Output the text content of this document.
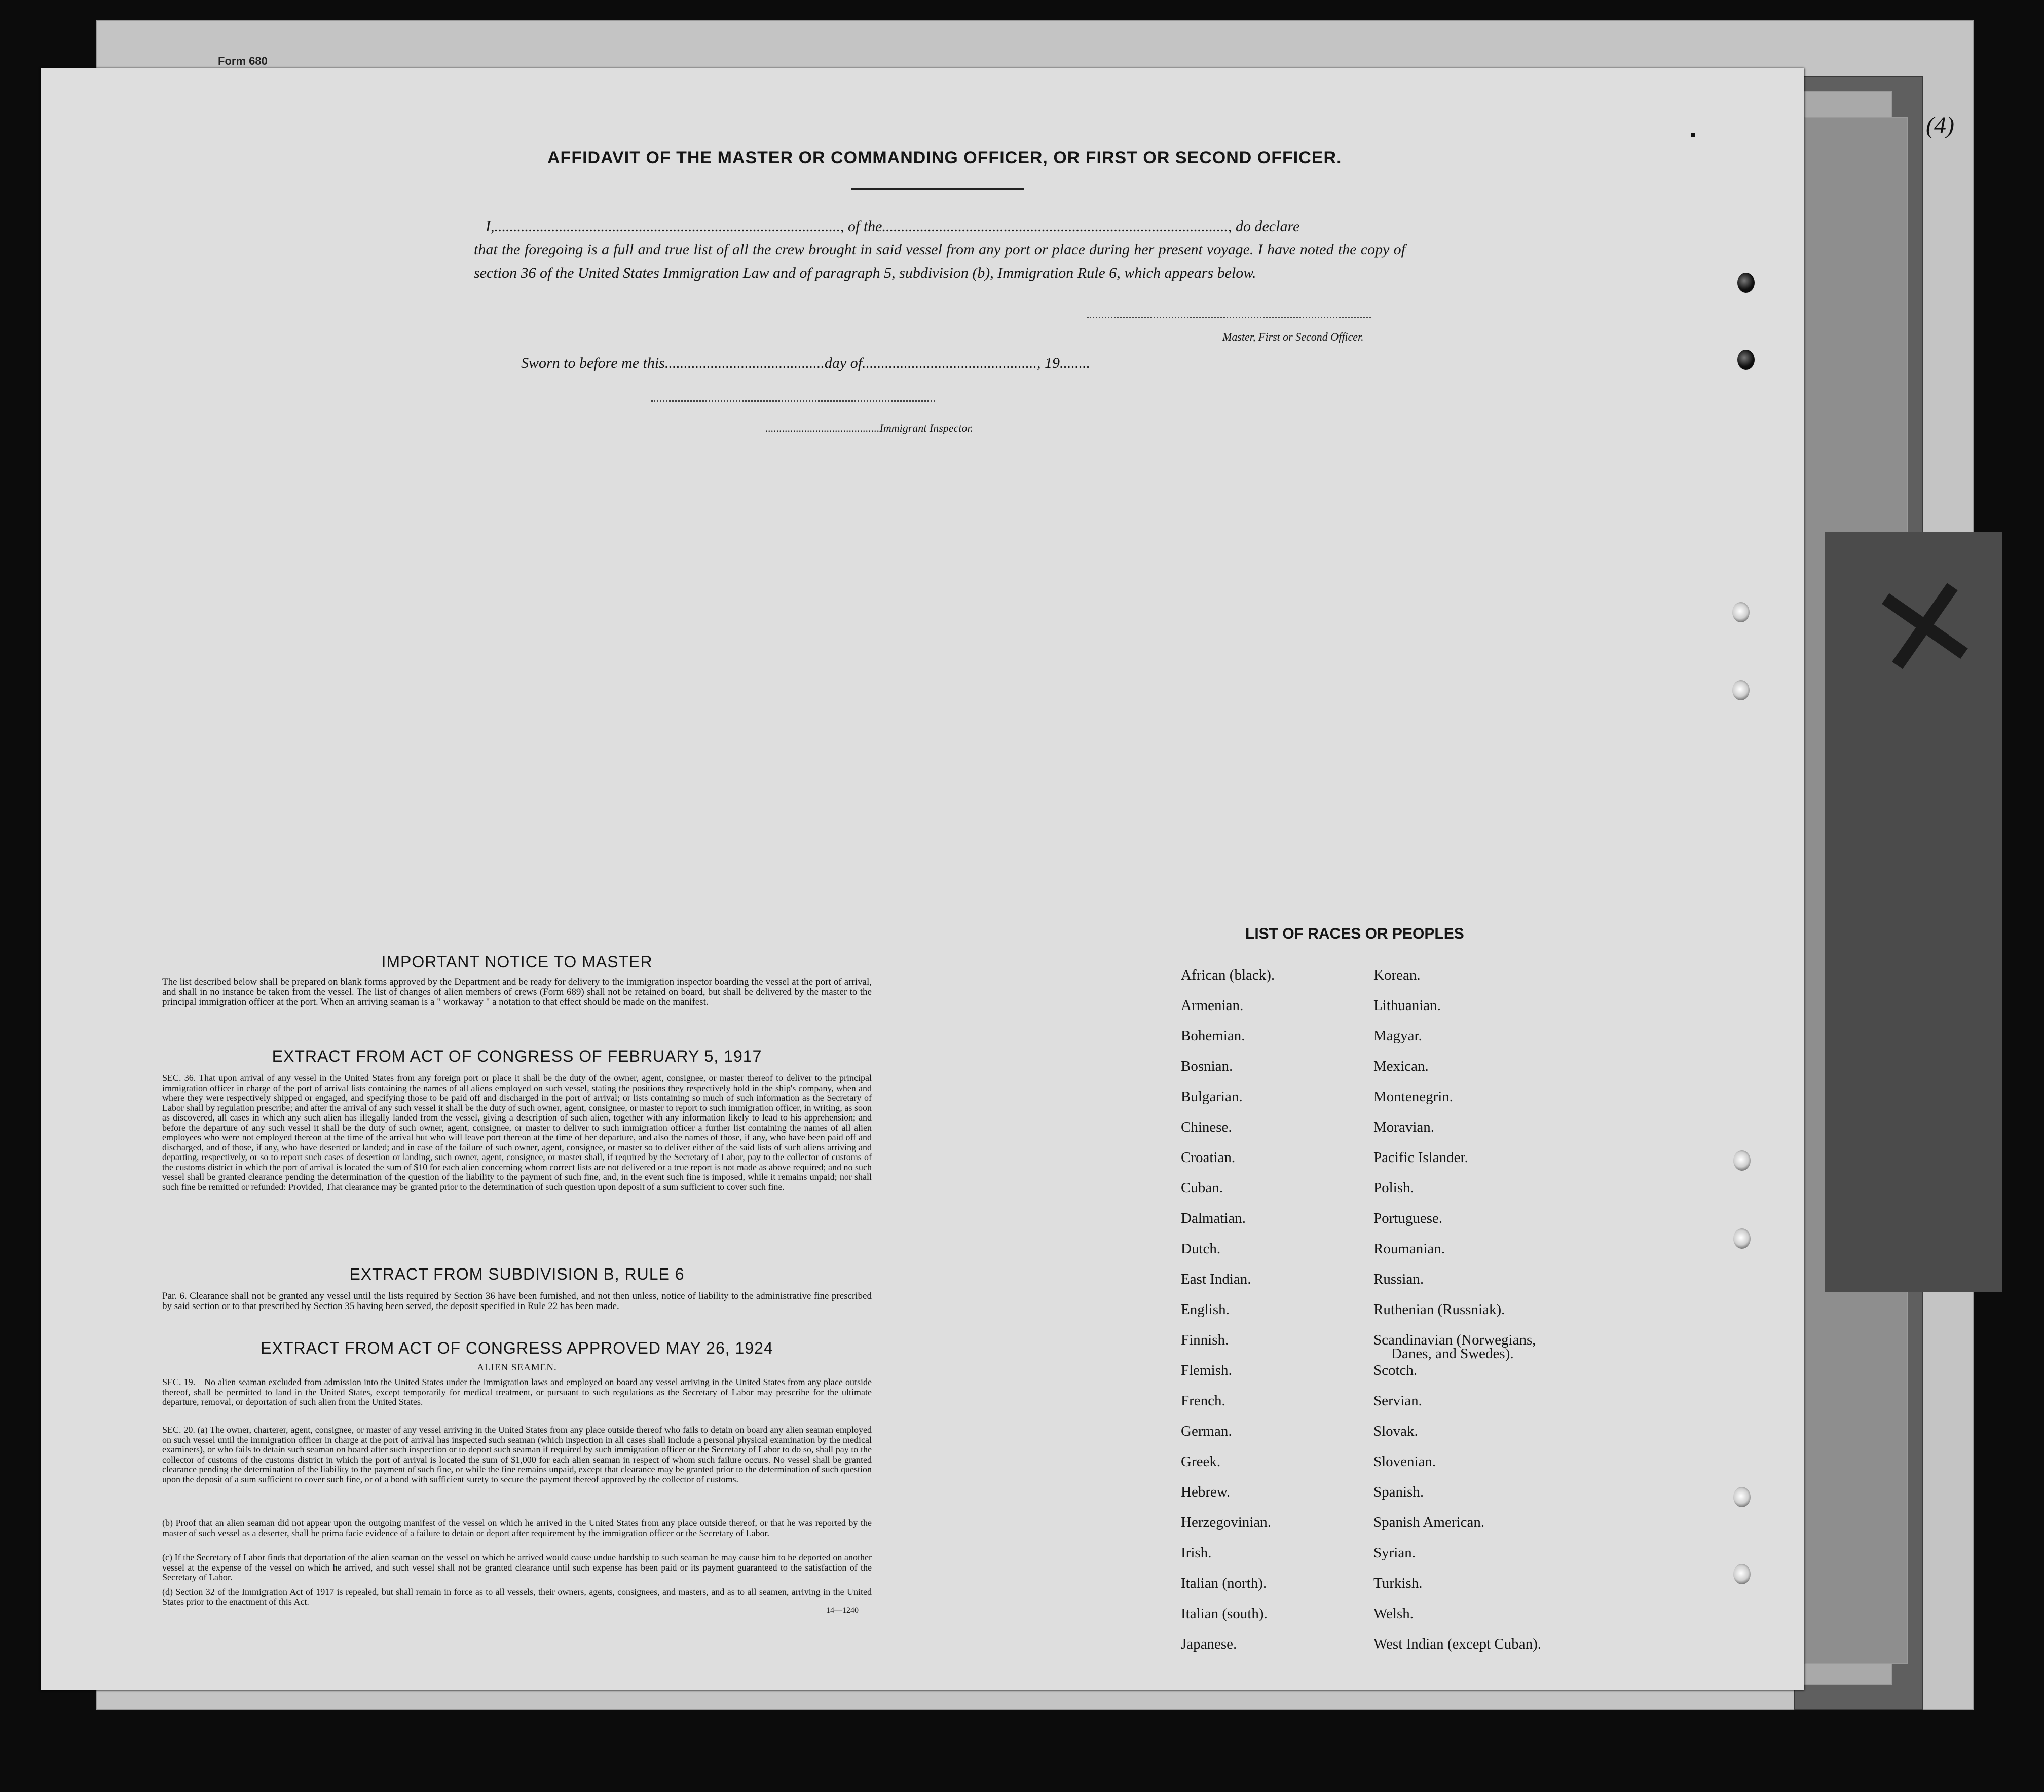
Form 680
(4)
✕
AFFIDAVIT OF THE MASTER OR COMMANDING OFFICER, OR FIRST OR SECOND OFFICER.
I,..........................................................................................., of the..........................................................................................., do declare
that the foregoing is a full and true list of all the crew brought in said vessel from any port or place during her present voyage. I have noted the copy of section 36 of the United States Immigration Law and of paragraph 5, subdivision (b), Immigration Rule 6, which appears below.
Master, First or Second Officer.
Sworn to before me this..........................................day of.............................................., 19........
.........................................Immigrant Inspector.
IMPORTANT NOTICE TO MASTER
The list described below shall be prepared on blank forms approved by the Department and be ready for delivery to the immigration inspector boarding the vessel at the port of arrival, and shall in no instance be taken from the vessel. The list of changes of alien members of crews (Form 689) shall not be retained on board, but shall be delivered by the master to the principal immigration officer at the port. When an arriving seaman is a " workaway " a notation to that effect should be made on the manifest.
EXTRACT FROM ACT OF CONGRESS OF FEBRUARY 5, 1917
SEC. 36. That upon arrival of any vessel in the United States from any foreign port or place it shall be the duty of the owner, agent, consignee, or master thereof to deliver to the principal immigration officer in charge of the port of arrival lists containing the names of all aliens employed on such vessel, stating the positions they respectively hold in the ship's company, when and where they were respectively shipped or engaged, and specifying those to be paid off and discharged in the port of arrival; or lists containing so much of such information as the Secretary of Labor shall by regulation prescribe; and after the arrival of any such vessel it shall be the duty of such owner, agent, consignee, or master to report to such immigration officer, in writing, as soon as discovered, all cases in which any such alien has illegally landed from the vessel, giving a description of such alien, together with any information likely to lead to his apprehension; and before the departure of any such vessel it shall be the duty of such owner, agent, consignee, or master to deliver to such immigration officer a further list containing the names of all alien employees who were not employed thereon at the time of the arrival but who will leave port thereon at the time of her departure, and also the names of those, if any, who have been paid off and discharged, and of those, if any, who have deserted or landed; and in case of the failure of such owner, agent, consignee, or master so to deliver either of the said lists of such aliens arriving and departing, respectively, or so to report such cases of desertion or landing, such owner, agent, consignee, or master shall, if required by the Secretary of Labor, pay to the collector of customs of the customs district in which the port of arrival is located the sum of $10 for each alien concerning whom correct lists are not delivered or a true report is not made as above required; and no such vessel shall be granted clearance pending the determination of the question of the liability to the payment of such fine, and, in the event such fine is imposed, while it remains unpaid; nor shall such fine be remitted or refunded: Provided, That clearance may be granted prior to the determination of such question upon deposit of a sum sufficient to cover such fine.
EXTRACT FROM SUBDIVISION B, RULE 6
Par. 6. Clearance shall not be granted any vessel until the lists required by Section 36 have been furnished, and not then unless, notice of liability to the administrative fine prescribed by said section or to that prescribed by Section 35 having been served, the deposit specified in Rule 22 has been made.
EXTRACT FROM ACT OF CONGRESS APPROVED MAY 26, 1924
ALIEN SEAMEN.
SEC. 19.—No alien seaman excluded from admission into the United States under the immigration laws and employed on board any vessel arriving in the United States from any place outside thereof, shall be permitted to land in the United States, except temporarily for medical treatment, or pursuant to such regulations as the Secretary of Labor may prescribe for the ultimate departure, removal, or deportation of such alien from the United States.
SEC. 20. (a) The owner, charterer, agent, consignee, or master of any vessel arriving in the United States from any place outside thereof who fails to detain on board any alien seaman employed on such vessel until the immigration officer in charge at the port of arrival has inspected such seaman (which inspection in all cases shall include a personal physical examination by the medical examiners), or who fails to detain such seaman on board after such inspection or to deport such seaman if required by such immigration officer or the Secretary of Labor to do so, shall pay to the collector of customs of the customs district in which the port of arrival is located the sum of $1,000 for each alien seaman in respect of whom such failure occurs. No vessel shall be granted clearance pending the determination of the liability to the payment of such fine, or while the fine remains unpaid, except that clearance may be granted prior to the determination of such question upon the deposit of a sum sufficient to cover such fine, or of a bond with sufficient surety to secure the payment thereof approved by the collector of customs.
(b) Proof that an alien seaman did not appear upon the outgoing manifest of the vessel on which he arrived in the United States from any place outside thereof, or that he was reported by the master of such vessel as a deserter, shall be prima facie evidence of a failure to detain or deport after requirement by the immigration officer or the Secretary of Labor.
(c) If the Secretary of Labor finds that deportation of the alien seaman on the vessel on which he arrived would cause undue hardship to such seaman he may cause him to be deported on another vessel at the expense of the vessel on which he arrived, and such vessel shall not be granted clearance until such expense has been paid or its payment guaranteed to the satisfaction of the Secretary of Labor.
(d) Section 32 of the Immigration Act of 1917 is repealed, but shall remain in force as to all vessels, their owners, agents, consignees, and masters, and as to all seamen, arriving in the United States prior to the enactment of this Act.
14—1240
LIST OF RACES OR PEOPLES
African (black).
Armenian.
Bohemian.
Bosnian.
Bulgarian.
Chinese.
Croatian.
Cuban.
Dalmatian.
Dutch.
East Indian.
English.
Finnish.
Flemish.
French.
German.
Greek.
Hebrew.
Herzegovinian.
Irish.
Italian (north).
Italian (south).
Japanese.
Korean.
Lithuanian.
Magyar.
Mexican.
Montenegrin.
Moravian.
Pacific Islander.
Polish.
Portuguese.
Roumanian.
Russian.
Ruthenian (Russniak).
Scandinavian (Norwegians,
Scotch.
Servian.
Slovak.
Slovenian.
Spanish.
Spanish American.
Syrian.
Turkish.
Welsh.
West Indian (except Cuban).
Danes, and Swedes).
